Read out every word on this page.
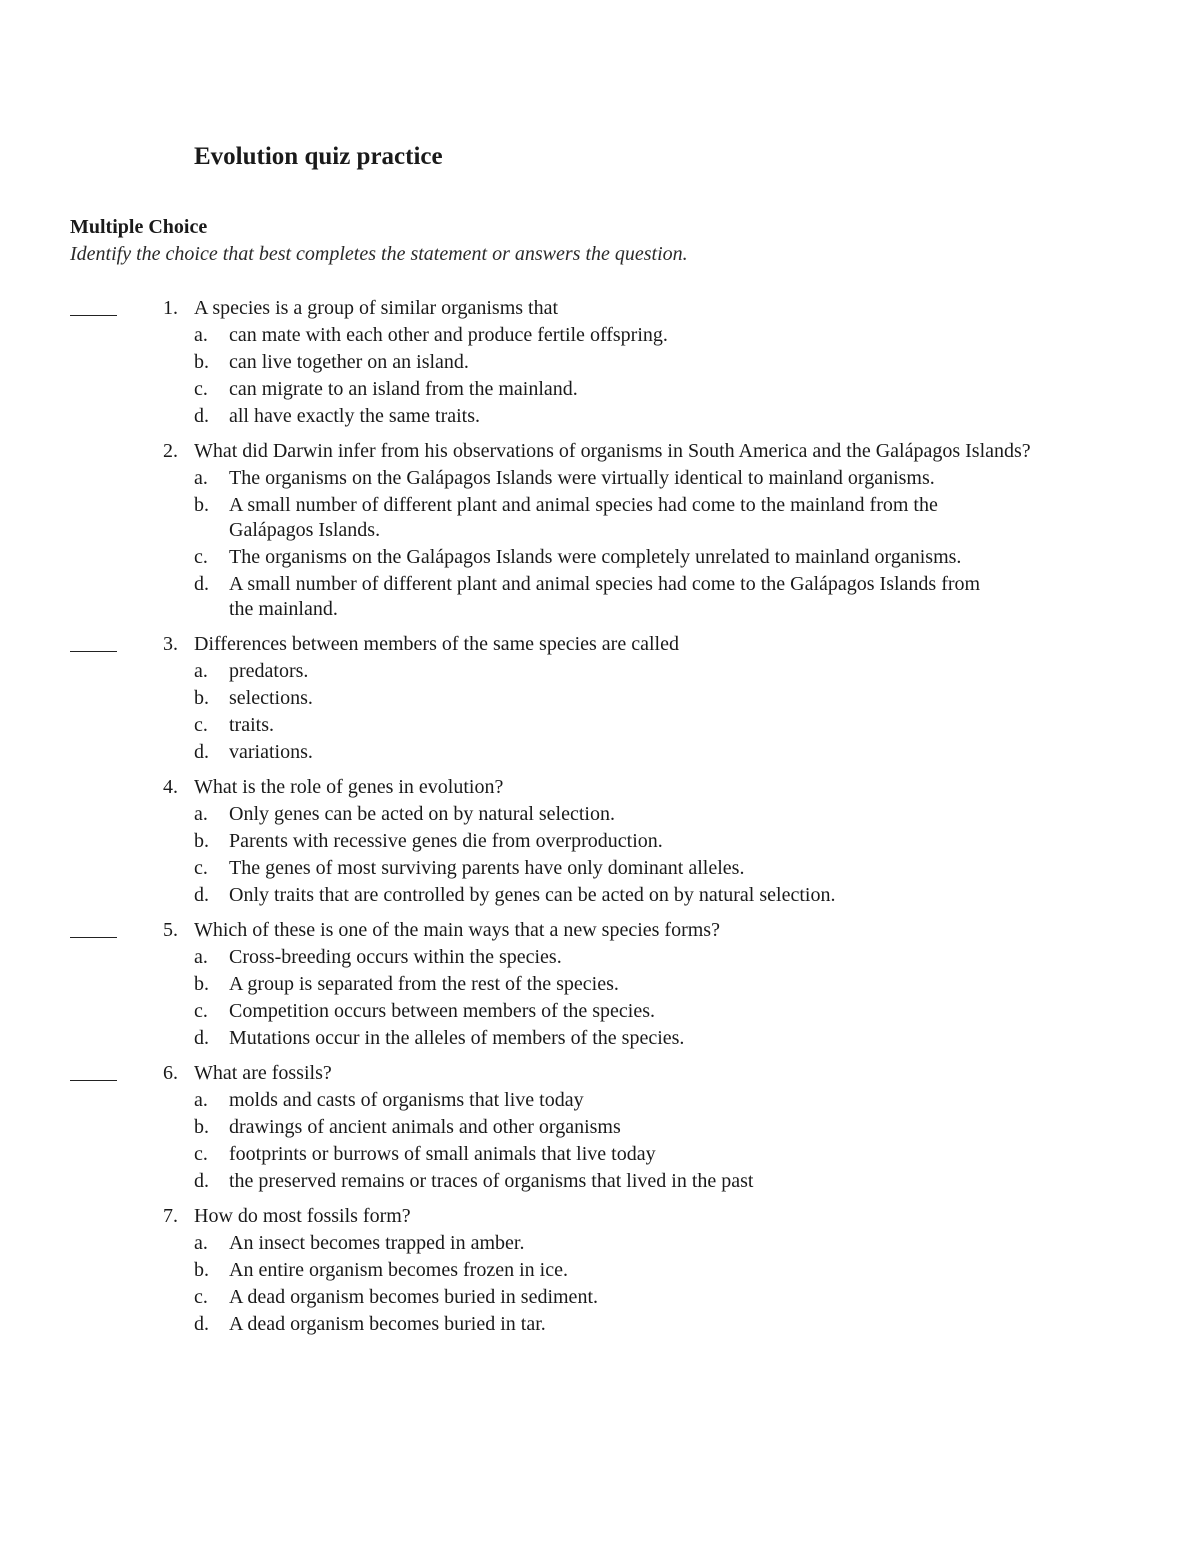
Evolution quiz practice
Multiple Choice

Identify the choice that best completes the statement or answers the question.

1. A species is a group of similar organisms that
a. can mate with each other and produce fertile offspring.
b. can live together on an island.
c. can migrate to an island from the mainland.
d. all have exactly the same traits.
2. What did Darwin infer from his observations of organisms in South America and the Galápagos Islands?
a. The organisms on the Galápagos Islands were virtually identical to mainland organisms.
b. A small number of different plant and animal species had come to the mainland from the Galápagos Islands.
c. The organisms on the Galápagos Islands were completely unrelated to mainland organisms.
d. A small number of different plant and animal species had come to the Galápagos Islands from the mainland.
3. Differences between members of the same species are called
a. predators.
b. selections.
c. traits.
d. variations.
4. What is the role of genes in evolution?
a. Only genes can be acted on by natural selection.
b. Parents with recessive genes die from overproduction.
c. The genes of most surviving parents have only dominant alleles.
d. Only traits that are controlled by genes can be acted on by natural selection.
5. Which of these is one of the main ways that a new species forms?
a. Cross-breeding occurs within the species.
b. A group is separated from the rest of the species.
c. Competition occurs between members of the species.
d. Mutations occur in the alleles of members of the species.
6. What are fossils?
a. molds and casts of organisms that live today
b. drawings of ancient animals and other organisms
c. footprints or burrows of small animals that live today
d. the preserved remains or traces of organisms that lived in the past
7. How do most fossils form?
a. An insect becomes trapped in amber.
b. An entire organism becomes frozen in ice.
c. A dead organism becomes buried in sediment.
d. A dead organism becomes buried in tar.
